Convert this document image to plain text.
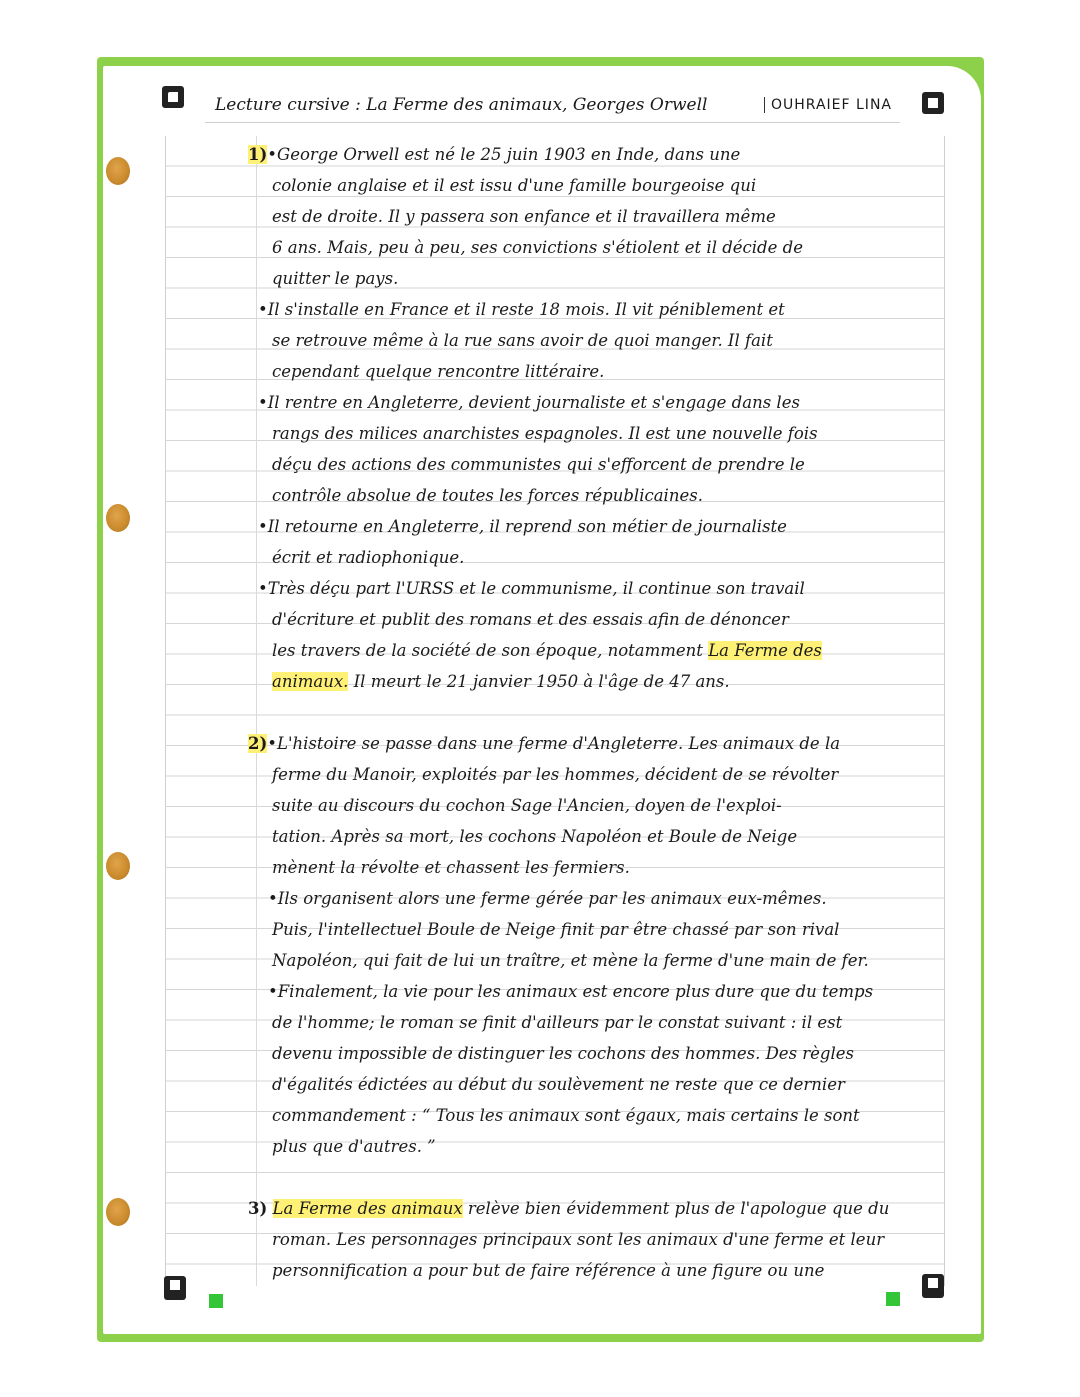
Lecture cursive : La Ferme des animaux, Georges Orwell	OUHRAIEF LINA
1)•George Orwell est né le 25 juin 1903 en Inde, dans une
colonie anglaise et il est issu d'une famille bourgeoise qui
est de droite. Il y passera son enfance et il travaillera même
6 ans. Mais, peu à peu, ses convictions s'étiolent et il décide de
quitter le pays.
•Il s'installe en France et il reste 18 mois. Il vit péniblement et
se retrouve même à la rue sans avoir de quoi manger. Il fait
cependant quelque rencontre littéraire.
•Il rentre en Angleterre, devient journaliste et s'engage dans les
rangs des milices anarchistes espagnoles. Il est une nouvelle fois
déçu des actions des communistes qui s'efforcent de prendre le
contrôle absolue de toutes les forces républicaines.
•Il retourne en Angleterre, il reprend son métier de journaliste
écrit et radiophonique.
•Très déçu part l'URSS et le communisme, il continue son travail
d'écriture et publit des romans et des essais afin de dénoncer
les travers de la société de son époque, notamment La Ferme des
animaux. Il meurt le 21 janvier 1950 à l'âge de 47 ans.
2)•L'histoire se passe dans une ferme d'Angleterre. Les animaux de la
ferme du Manoir, exploités par les hommes, décident de se révolter
suite au discours du cochon Sage l'Ancien, doyen de l'exploi-
tation. Après sa mort, les cochons Napoléon et Boule de Neige
mènent la révolte et chassent les fermiers.
•Ils organisent alors une ferme gérée par les animaux eux-mêmes.
Puis, l'intellectuel Boule de Neige finit par être chassé par son rival
Napoléon, qui fait de lui un traître, et mène la ferme d'une main de fer.
•Finalement, la vie pour les animaux est encore plus dure que du temps
de l'homme; le roman se finit d'ailleurs par le constat suivant : il est
devenu impossible de distinguer les cochons des hommes. Des règles
d'égalités édictées au début du soulèvement ne reste que ce dernier
commandement : “ Tous les animaux sont égaux, mais certains le sont
plus que d'autres. ”
3) La Ferme des animaux relève bien évidemment plus de l'apologue que du
roman. Les personnages principaux sont les animaux d'une ferme et leur
personnification a pour but de faire référence à une figure ou une
